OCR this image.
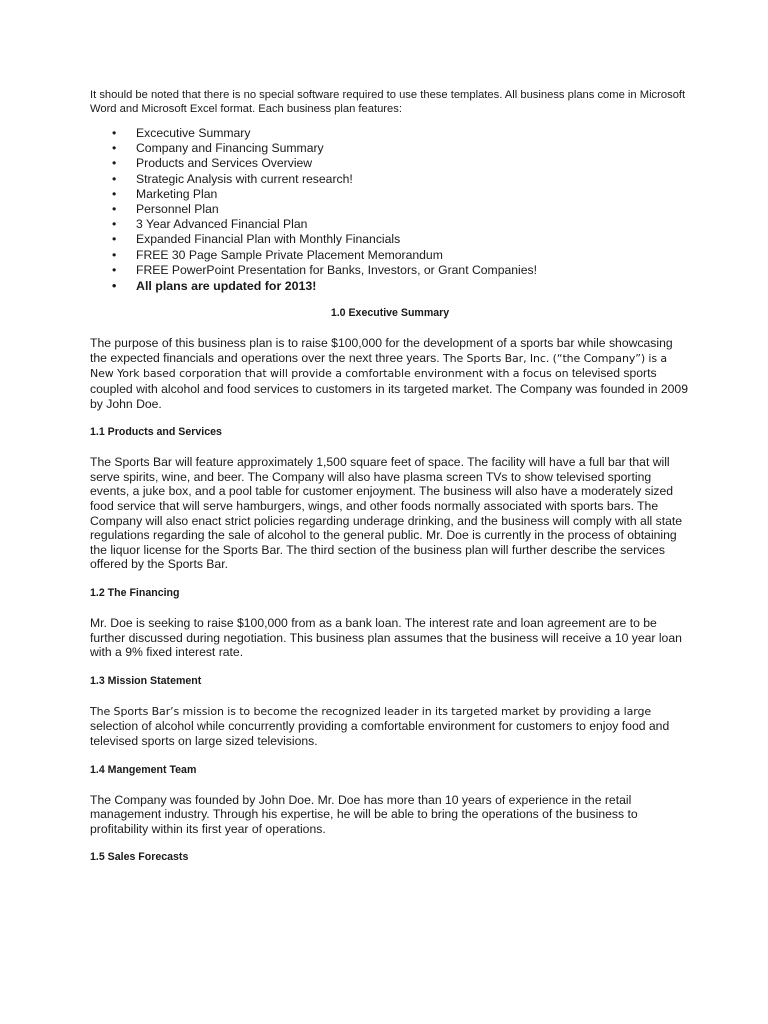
It should be noted that there is no special software required to use these templates. All business plans come in Microsoft Word and Microsoft Excel format. Each business plan features:

• Excecutive Summary
• Company and Financing Summary
• Products and Services Overview
• Strategic Analysis with current research!
• Marketing Plan
• Personnel Plan
• 3 Year Advanced Financial Plan
• Expanded Financial Plan with Monthly Financials
• FREE 30 Page Sample Private Placement Memorandum
• FREE PowerPoint Presentation for Banks, Investors, or Grant Companies!
• All plans are updated for 2013!
1.0 Executive Summary

The purpose of this business plan is to raise $100,000 for the development of a sports bar while showcasing the expected financials and operations over the next three years. The Sports Bar, Inc. (“the Company”) is a New York based corporation that will provide a comfortable environment with a focus on televised sports coupled with alcohol and food services to customers in its targeted market. The Company was founded in 2009 by John Doe.

1.1 Products and Services

The Sports Bar will feature approximately 1,500 square feet of space. The facility will have a full bar that will serve spirits, wine, and beer. The Company will also have plasma screen TVs to show televised sporting events, a juke box, and a pool table for customer enjoyment. The business will also have a moderately sized food service that will serve hamburgers, wings, and other foods normally associated with sports bars. The Company will also enact strict policies regarding underage drinking, and the business will comply with all state regulations regarding the sale of alcohol to the general public. Mr. Doe is currently in the process of obtaining the liquor license for the Sports Bar. The third section of the business plan will further describe the services offered by the Sports Bar.

1.2 The Financing

Mr. Doe is seeking to raise $100,000 from as a bank loan. The interest rate and loan agreement are to be further discussed during negotiation. This business plan assumes that the business will receive a 10 year loan with a 9% fixed interest rate.

1.3 Mission Statement

The Sports Bar’s mission is to become the recognized leader in its targeted market by providing a large selection of alcohol while concurrently providing a comfortable environment for customers to enjoy food and televised sports on large sized televisions.

1.4 Mangement Team

The Company was founded by John Doe. Mr. Doe has more than 10 years of experience in the retail management industry. Through his expertise, he will be able to bring the operations of the business to profitability within its first year of operations.

1.5 Sales Forecasts
